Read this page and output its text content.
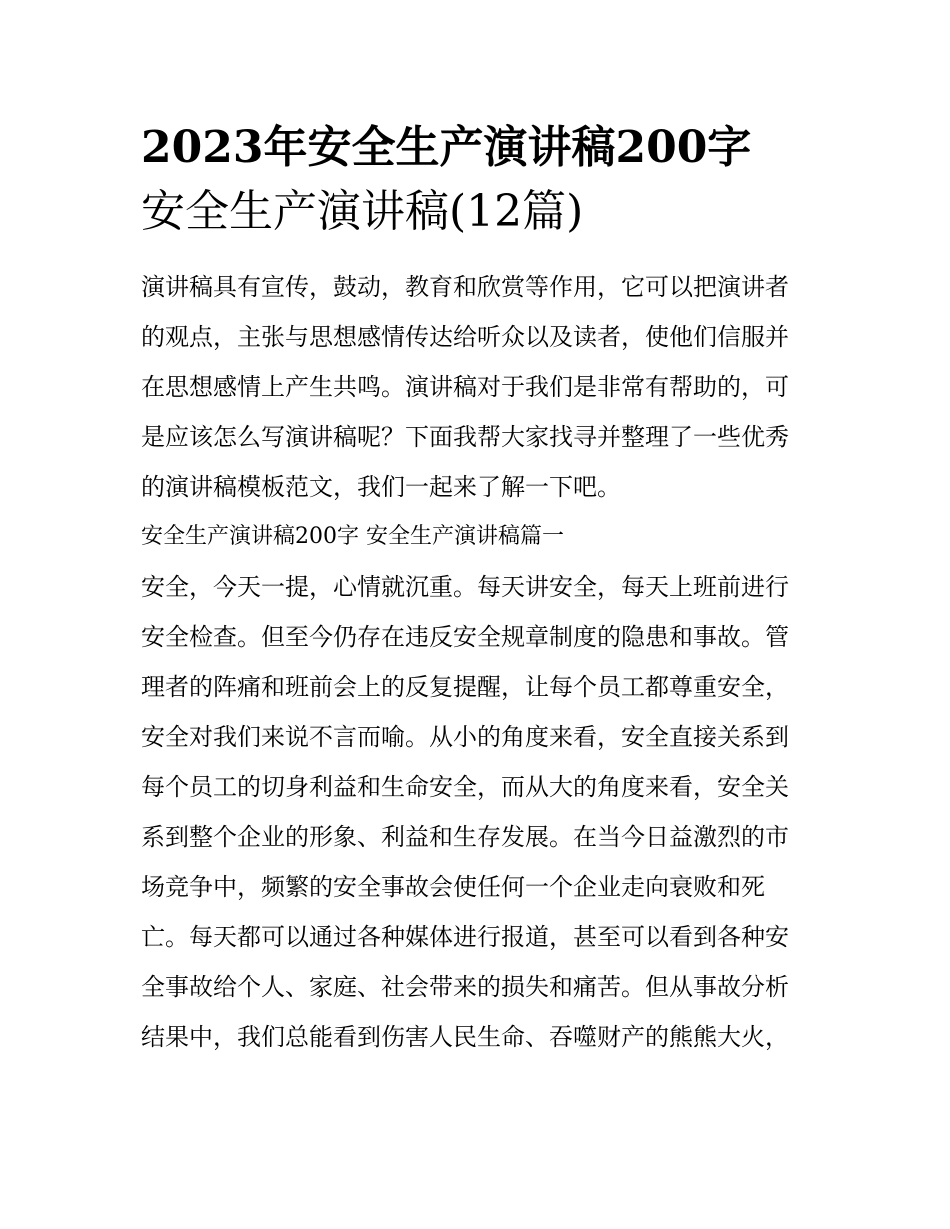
2023年安全生产演讲稿200字
安全生产演讲稿(12篇)
演讲稿具有宣传，鼓动，教育和欣赏等作用，它可以把演讲者
的观点，主张与思想感情传达给听众以及读者，使他们信服并
在思想感情上产生共鸣。演讲稿对于我们是非常有帮助的，可
是应该怎么写演讲稿呢？下面我帮大家找寻并整理了一些优秀
的演讲稿模板范文，我们一起来了解一下吧。
安全生产演讲稿200字 安全生产演讲稿篇一
安全，今天一提，心情就沉重。每天讲安全，每天上班前进行
安全检查。但至今仍存在违反安全规章制度的隐患和事故。管
理者的阵痛和班前会上的反复提醒，让每个员工都尊重安全，
安全对我们来说不言而喻。从小的角度来看，安全直接关系到
每个员工的切身利益和生命安全，而从大的角度来看，安全关
系到整个企业的形象、利益和生存发展。在当今日益激烈的市
场竞争中，频繁的安全事故会使任何一个企业走向衰败和死
亡。每天都可以通过各种媒体进行报道，甚至可以看到各种安
全事故给个人、家庭、社会带来的损失和痛苦。但从事故分析
结果中，我们总能看到伤害人民生命、吞噬财产的熊熊大火，
